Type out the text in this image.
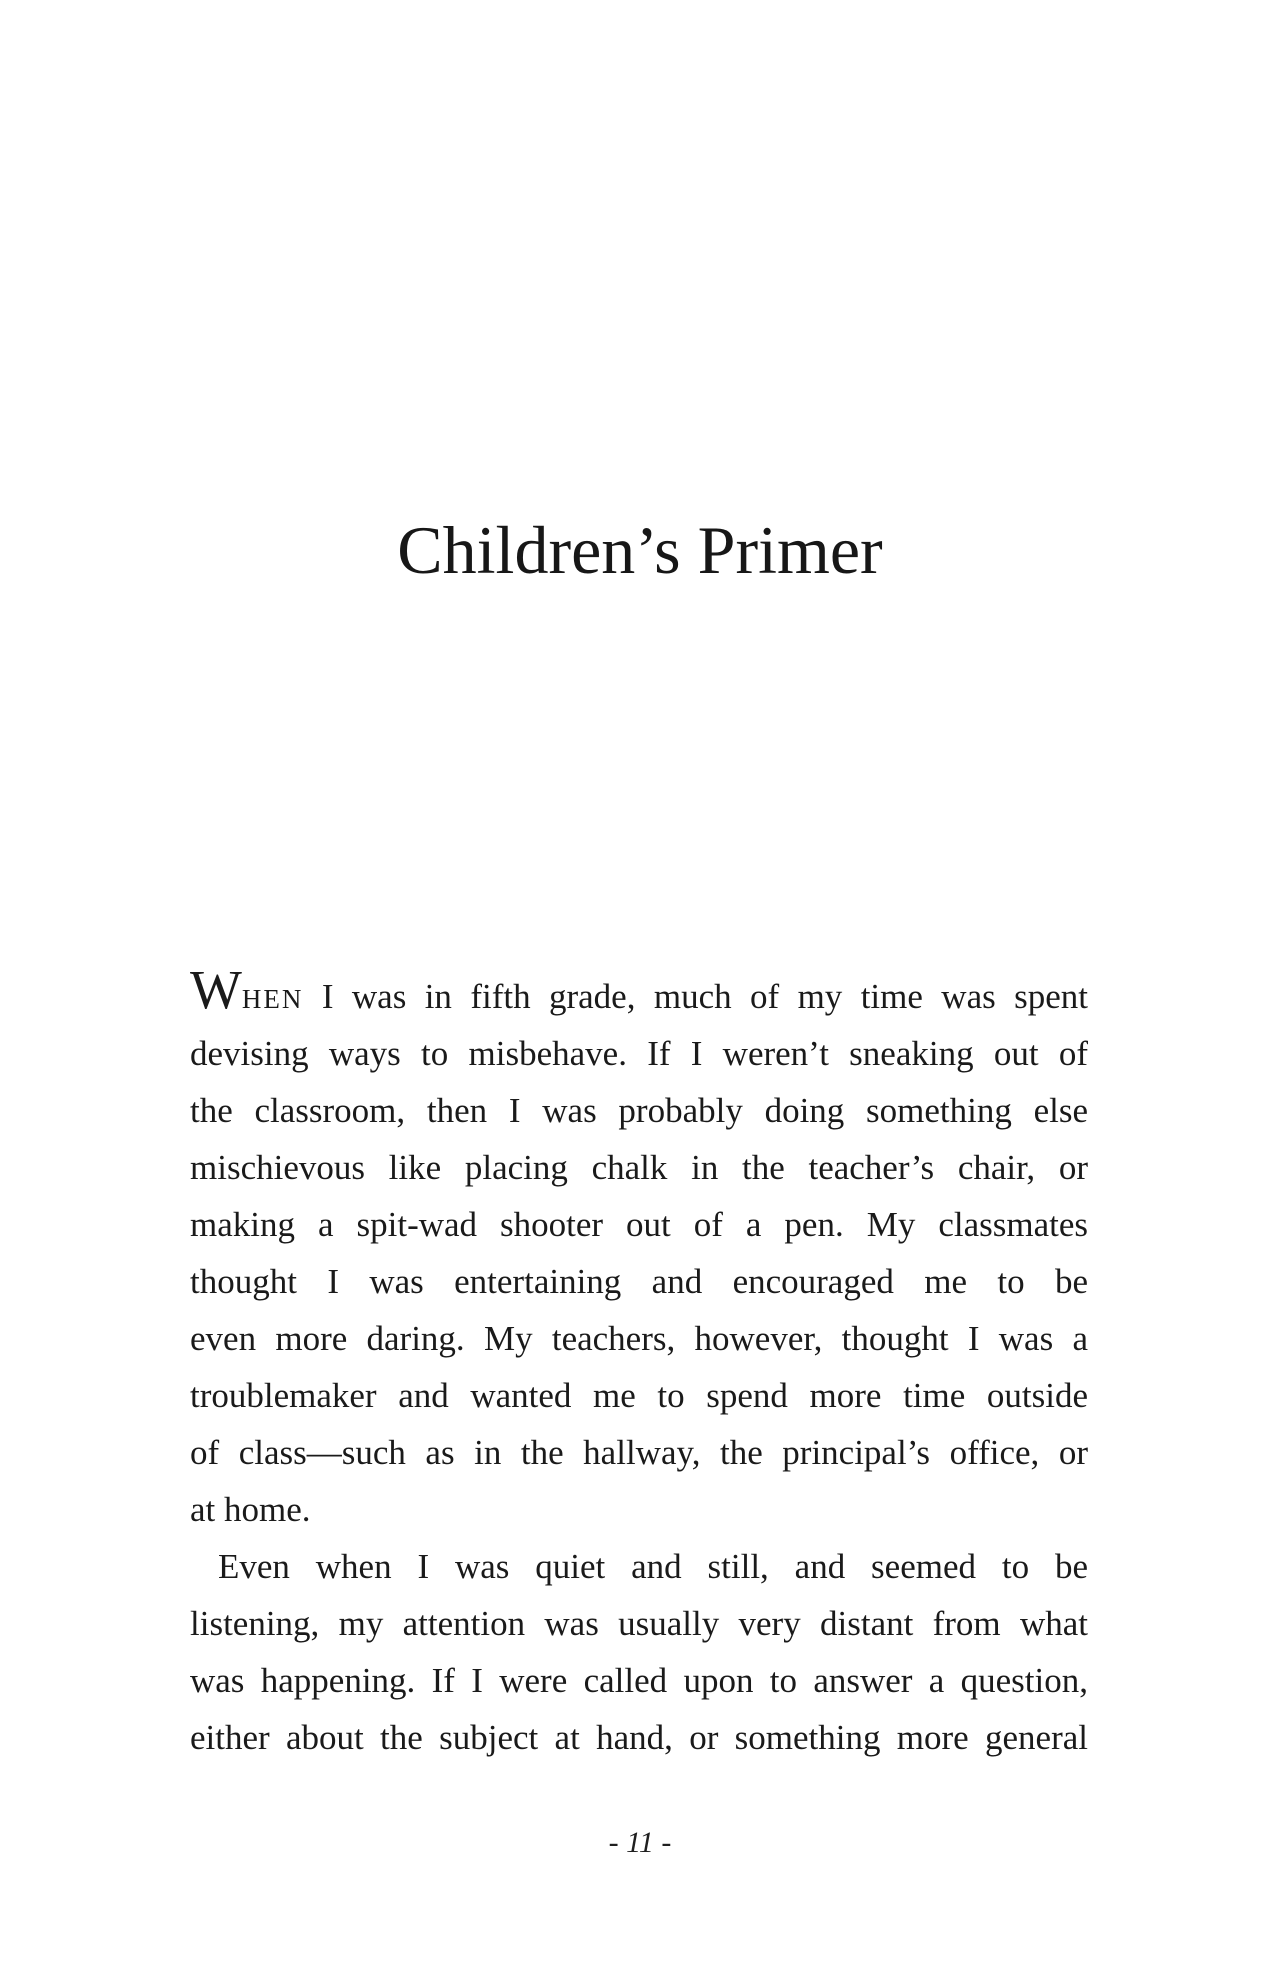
Children’s Primer
WHEN I was in fifth grade, much of my time was spent
devising ways to misbehave. If I weren’t sneaking out of
the classroom, then I was probably doing something else
mischievous like placing chalk in the teacher’s chair, or
making a spit-wad shooter out of a pen. My classmates
thought I was entertaining and encouraged me to be
even more daring. My teachers, however, thought I was a
troublemaker and wanted me to spend more time outside
of class—such as in the hallway, the principal’s office, or
at home.
Even when I was quiet and still, and seemed to be
listening, my attention was usually very distant from what
was happening. If I were called upon to answer a question,
either about the subject at hand, or something more general
- 11 -
